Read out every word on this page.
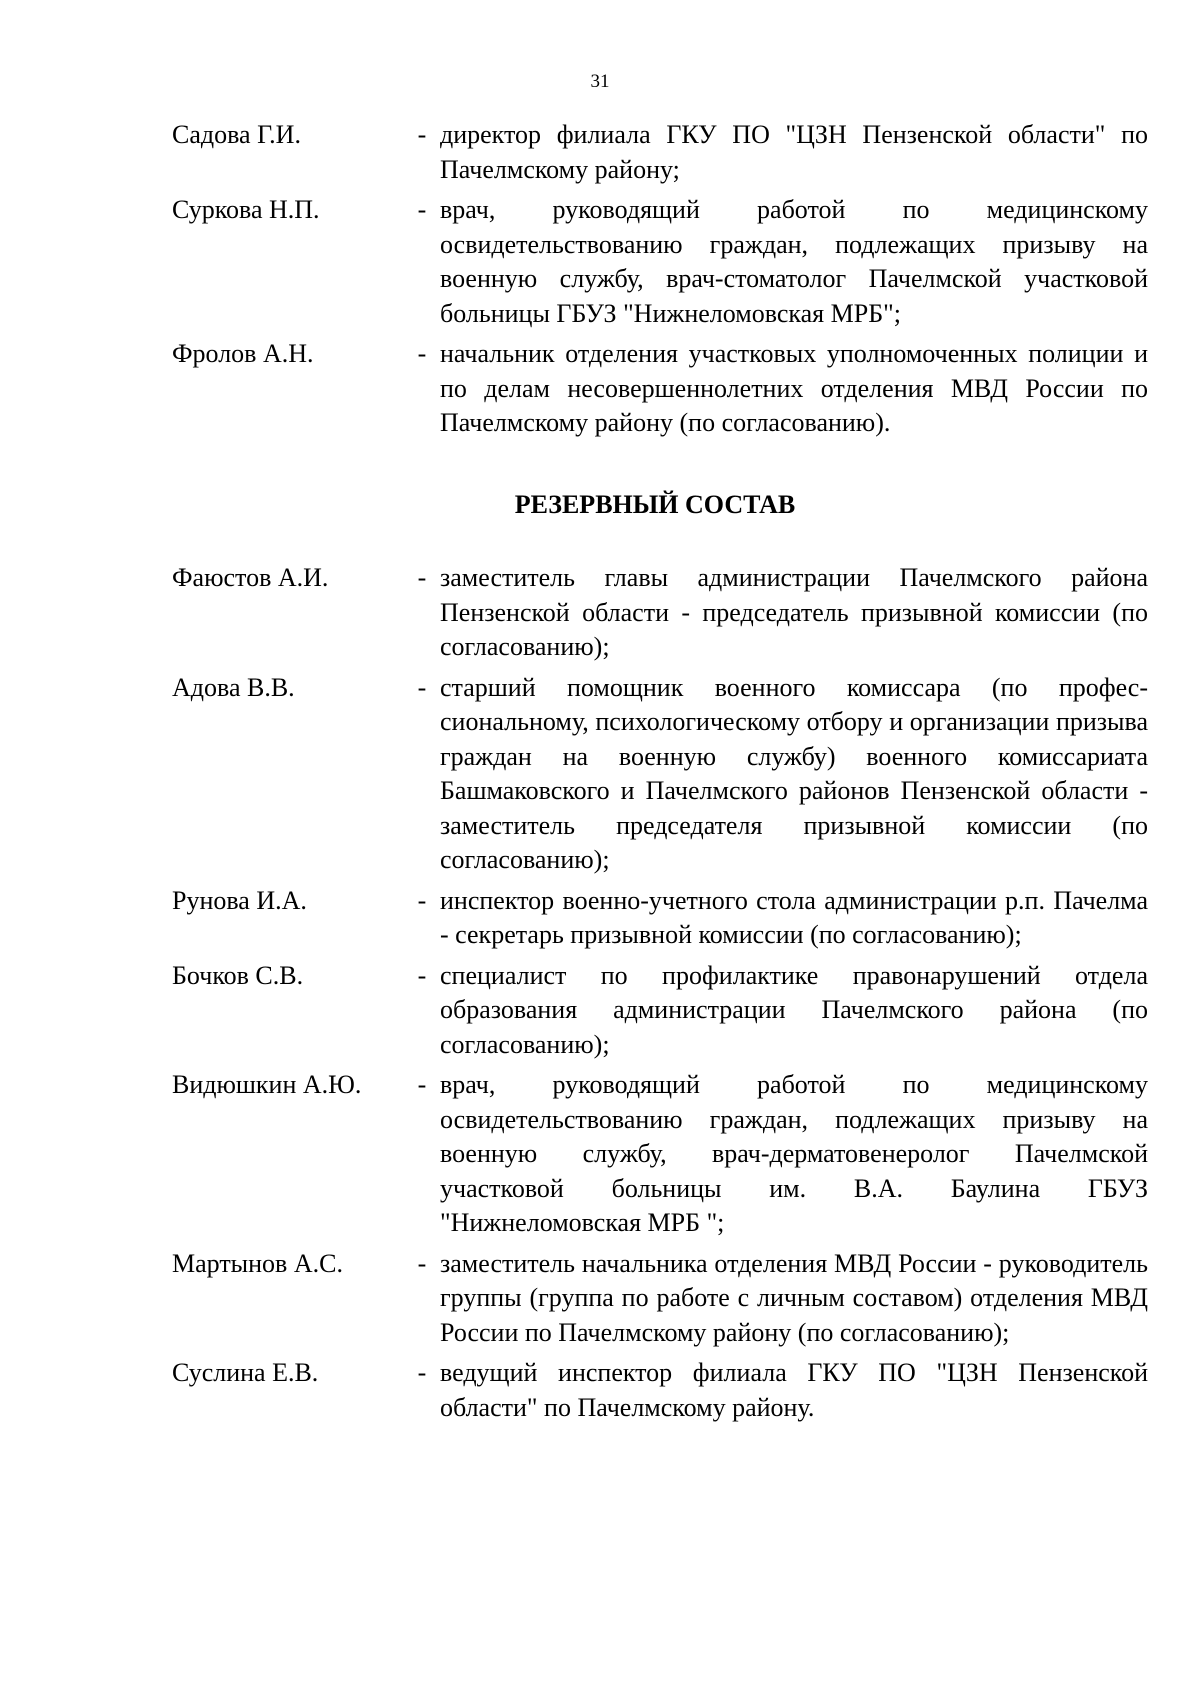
31
Садова Г.И.	- директор филиала ГКУ ПО "ЦЗН Пензенской области" по Пачелмскому району;
Суркова Н.П.	- врач, руководящий работой по медицинскому освидетельствованию граждан, подлежащих призыву на военную службу, врач-стоматолог Пачелмской участковой больницы ГБУЗ "Нижнеломовская МРБ";
Фролов А.Н.	- начальник отделения участковых уполномоченных полиции и по делам несовершеннолетних отделения МВД России по Пачелмскому району (по согласованию).
РЕЗЕРВНЫЙ СОСТАВ
Фаюстов А.И.	- заместитель главы администрации Пачелмского района Пензенской области - председатель призывной комиссии (по согласованию);
Адова В.В.	- старший помощник военного комиссара (по профессиональному, психологическому отбору и организации призыва граждан на военную службу) военного комиссариата Башмаковского и Пачелмского районов Пензенской области - заместитель председателя призывной комиссии (по согласованию);
Рунова И.А.	- инспектор военно-учетного стола администрации р.п. Пачелма - секретарь призывной комиссии (по согласованию);
Бочков С.В.	- специалист по профилактике правонарушений отдела образования администрации Пачелмского района (по согласованию);
Видюшкин А.Ю.	- врач, руководящий работой по медицинскому освидетельствованию граждан, подлежащих призыву на военную службу, врач-дерматовенеролог Пачелмской участковой больницы им. В.А. Баулина ГБУЗ "Нижнеломовская МРБ ";
Мартынов А.С.	- заместитель начальника отделения МВД России - руководитель группы (группа по работе с личным составом) отделения МВД России по Пачелмскому району (по согласованию);
Суслина Е.В.	- ведущий инспектор филиала ГКУ ПО "ЦЗН Пензенской области" по Пачелмскому району.
